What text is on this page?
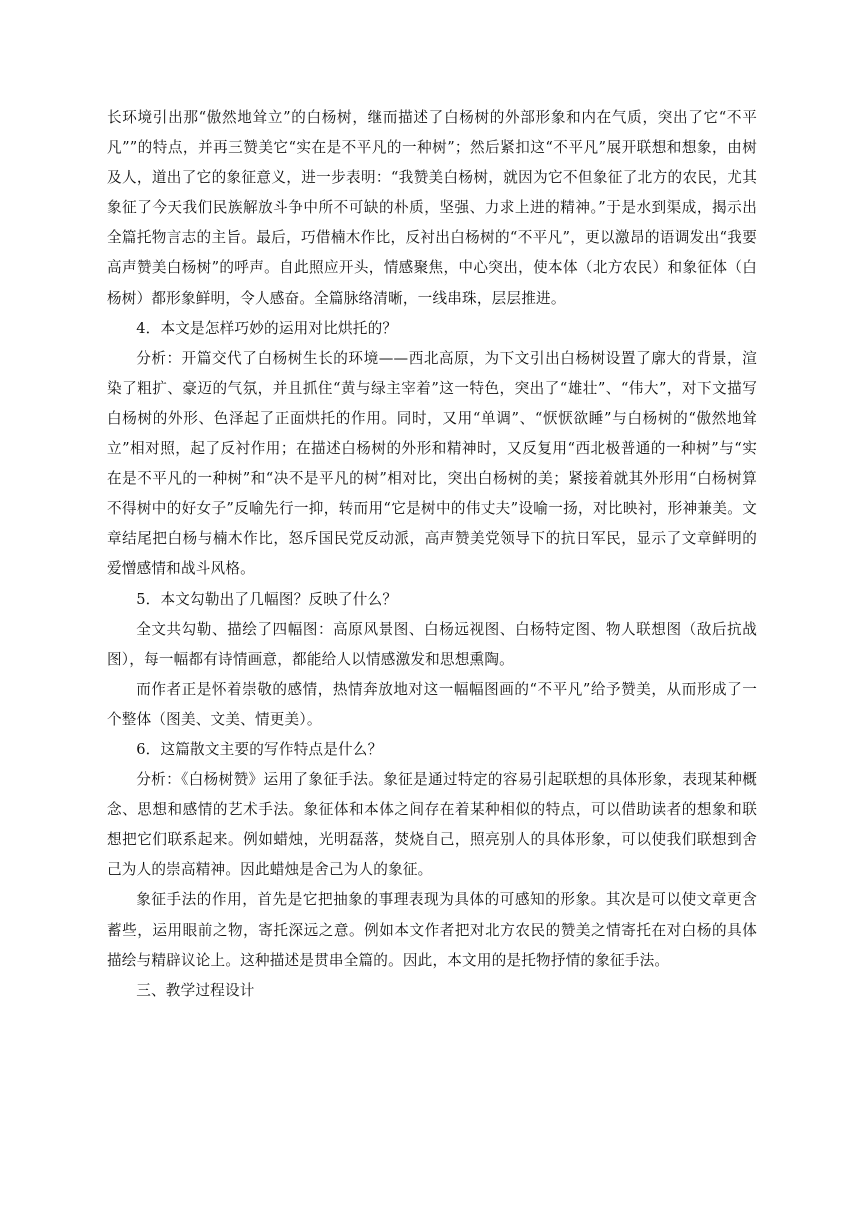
长环境引出那“傲然地耸立”的白杨树，继而描述了白杨树的外部形象和内在气质，突出了它“不平凡””的特点，并再三赞美它“实在是不平凡的一种树”；然后紧扣这“不平凡”展开联想和想象，由树及人，道出了它的象征意义，进一步表明：“我赞美白杨树，就因为它不但象征了北方的农民，尤其象征了今天我们民族解放斗争中所不可缺的朴质，坚强、力求上进的精神。”于是水到渠成，揭示出全篇托物言志的主旨。最后，巧借楠木作比，反衬出白杨树的“不平凡”，更以激昂的语调发出“我要高声赞美白杨树”的呼声。自此照应开头，情感聚焦，中心突出，使本体（北方农民）和象征体（白杨树）都形象鲜明，令人感奋。全篇脉络清晰，一线串珠，层层推进。

4．本文是怎样巧妙的运用对比烘托的？

分析：开篇交代了白杨树生长的环境——西北高原，为下文引出白杨树设置了廓大的背景，渲染了粗扩、豪迈的气氛，并且抓住“黄与绿主宰着”这一特色，突出了“雄壮”、“伟大”，对下文描写白杨树的外形、色泽起了正面烘托的作用。同时，又用“单调”、“恹恹欲睡”与白杨树的“傲然地耸立”相对照，起了反衬作用；在描述白杨树的外形和精神时，又反复用“西北极普通的一种树”与“实在是不平凡的一种树”和“决不是平凡的树”相对比，突出白杨树的美；紧接着就其外形用“白杨树算不得树中的好女子”反喻先行一抑，转而用“它是树中的伟丈夫”设喻一扬，对比映衬，形神兼美。文章结尾把白杨与楠木作比，怒斥国民党反动派，高声赞美党领导下的抗日军民，显示了文章鲜明的爱憎感情和战斗风格。

5．本文勾勒出了几幅图？反映了什么？

全文共勾勒、描绘了四幅图：高原风景图、白杨远视图、白杨特定图、物人联想图（敌后抗战图），每一幅都有诗情画意，都能给人以情感激发和思想熏陶。

而作者正是怀着崇敬的感情，热情奔放地对这一幅幅图画的“不平凡”给予赞美，从而形成了一个整体（图美、文美、情更美）。

6．这篇散文主要的写作特点是什么？

分析：《白杨树赞》运用了象征手法。象征是通过特定的容易引起联想的具体形象，表现某种概念、思想和感情的艺术手法。象征体和本体之间存在着某种相似的特点，可以借助读者的想象和联想把它们联系起来。例如蜡烛，光明磊落，焚烧自己，照亮别人的具体形象，可以使我们联想到舍己为人的崇高精神。因此蜡烛是舍己为人的象征。

象征手法的作用，首先是它把抽象的事理表现为具体的可感知的形象。其次是可以使文章更含蓄些，运用眼前之物，寄托深远之意。例如本文作者把对北方农民的赞美之情寄托在对白杨的具体描绘与精辟议论上。这种描述是贯串全篇的。因此，本文用的是托物抒情的象征手法。

三、教学过程设计
